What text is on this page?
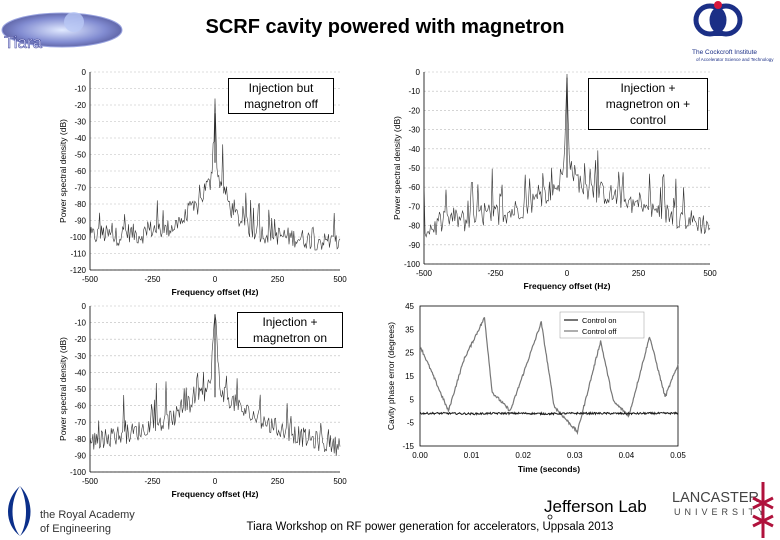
SCRF cavity powered with magnetron
Tiara Workshop on RF power generation for accelerators, Uppsala 2013
Tiara
The Cockcroft Institute
of Accelerator Science and Technology
the Royal Academy
of Engineering
Jefferson Lab LANCASTER
UNIVERSITY
0
-10
-20
-30
-40
-50
-60
-70
-80
-90
-100
-110
-120
-500	-250	0	250	500
Frequency offset (Hz)
Power spectral density (dB)
0
-10
-20
-30
-40
-50
-60
-70
-80
-90
-100
-500	-250	0	250	500
Frequency offset (Hz)
Power spectral density (dB)
0
-10
-20
-30
-40
-50
-60
-70
-80
-90
-100
-500	-250	0	250	500
Frequency offset (Hz)
Power spectral density (dB)
45
35
25
15
5
-5
-15
0.00	0.01	0.02	0.03	0.04	0.05
Time (seconds)
Cavity phase error (degrees)
Control on
Control off
Injection but magnetron off
Injection + magnetron on + control
Injection + magnetron on
